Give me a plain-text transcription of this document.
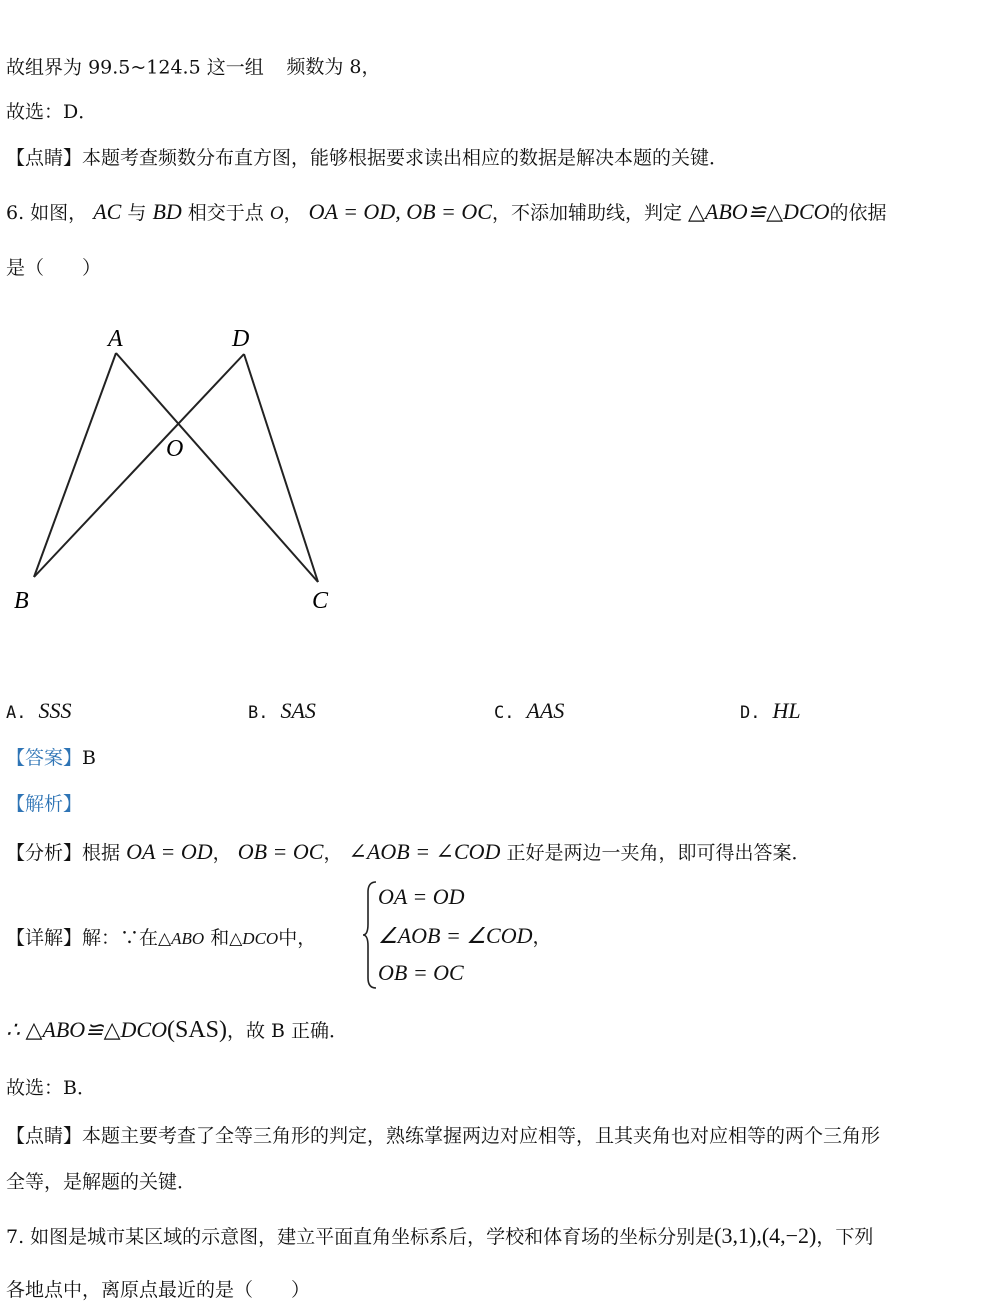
故组界为 99.5~124.5 这一组 频数为 8，
故选：D．
【点睛】本题考查频数分布直方图，能够根据要求读出相应的数据是解决本题的关键．
6. 如图， AC 与 BD 相交于点 O， OA = OD, OB = OC，不添加辅助线，判定 △ABO≌△DCO的依据
是（　　）
A	D
O
B	C
A. SSS	B. SAS	C. AAS	D. HL
【答案】B
【解析】
【分析】根据 OA = OD， OB = OC， ∠AOB = ∠COD 正好是两边一夹角，即可得出答案．
【详解】解：∵在△ABO 和△DCO中，
OA = OD
∠AOB = ∠COD，
OB = OC
∴ △ABO≌△DCO(SAS)，故 B 正确．
故选：B．
【点睛】本题主要考查了全等三角形的判定，熟练掌握两边对应相等，且其夹角也对应相等的两个三角形
全等，是解题的关键．
7. 如图是城市某区域的示意图，建立平面直角坐标系后，学校和体育场的坐标分别是(3,1),(4,−2)，下列
各地点中，离原点最近的是（　　）
